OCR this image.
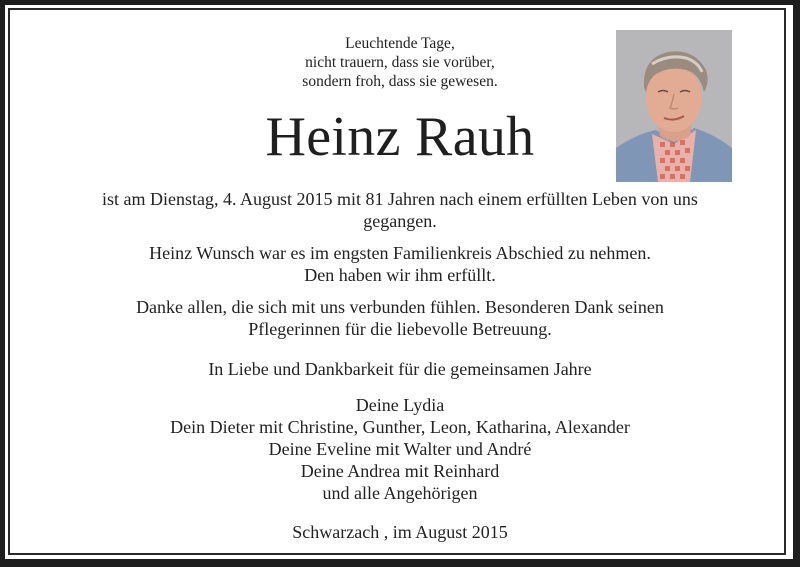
Leuchtende Tage,
nicht trauern, dass sie vorüber,
sondern froh, dass sie gewesen.
Heinz Rauh
ist am Dienstag, 4. August 2015 mit 81 Jahren nach einem erfüllten Leben von uns
gegangen.
Heinz Wunsch war es im engsten Familienkreis Abschied zu nehmen.
Den haben wir ihm erfüllt.
Danke allen, die sich mit uns verbunden fühlen. Besonderen Dank seinen
Pflegerinnen für die liebevolle Betreuung.
In Liebe und Dankbarkeit für die gemeinsamen Jahre
Deine Lydia
Dein Dieter mit Christine, Gunther, Leon, Katharina, Alexander
Deine Eveline mit Walter und André
Deine Andrea mit Reinhard
und alle Angehörigen
Schwarzach , im August 2015
